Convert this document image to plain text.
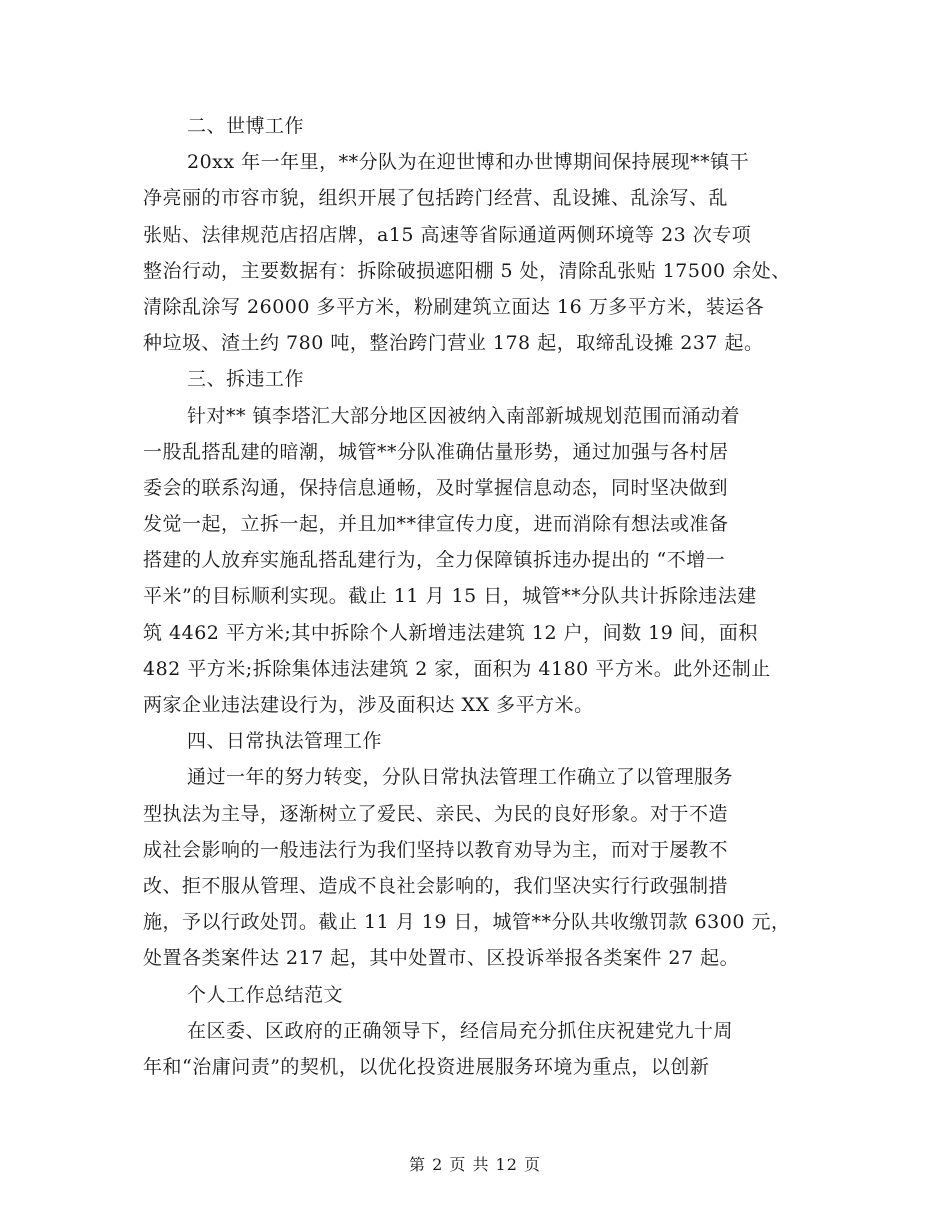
二、世博工作
20xx 年一年里，**分队为在迎世博和办世博期间保持展现**镇干
净亮丽的市容市貌，组织开展了包括跨门经营、乱设摊、乱涂写、乱
张贴、法律规范店招店牌，a15 高速等省际通道两侧环境等 23 次专项
整治行动，主要数据有：拆除破损遮阳棚 5 处，清除乱张贴 17500 余处、
清除乱涂写 26000 多平方米，粉刷建筑立面达 16 万多平方米，装运各
种垃圾、渣土约 780 吨，整治跨门营业 178 起，取缔乱设摊 237 起。
三、拆违工作
针对** 镇李塔汇大部分地区因被纳入南部新城规划范围而涌动着
一股乱搭乱建的暗潮，城管**分队准确估量形势，通过加强与各村居
委会的联系沟通，保持信息通畅，及时掌握信息动态，同时坚决做到
发觉一起，立拆一起，并且加**律宣传力度，进而消除有想法或准备
搭建的人放弃实施乱搭乱建行为，全力保障镇拆违办提出的 “不增一
平米”的目标顺利实现。截止 11 月 15 日，城管**分队共计拆除违法建
筑 4462 平方米;其中拆除个人新增违法建筑 12 户，间数 19 间，面积
482 平方米;拆除集体违法建筑 2 家，面积为 4180 平方米。此外还制止
两家企业违法建设行为，涉及面积达 XX 多平方米。
四、日常执法管理工作
通过一年的努力转变，分队日常执法管理工作确立了以管理服务
型执法为主导，逐渐树立了爱民、亲民、为民的良好形象。对于不造
成社会影响的一般违法行为我们坚持以教育劝导为主，而对于屡教不
改、拒不服从管理、造成不良社会影响的，我们坚决实行行政强制措
施，予以行政处罚。截止 11 月 19 日，城管**分队共收缴罚款 6300 元，
处置各类案件达 217 起，其中处置市、区投诉举报各类案件 27 起。
个人工作总结范文
在区委、区政府的正确领导下，经信局充分抓住庆祝建党九十周
年和“治庸问责”的契机，以优化投资进展服务环境为重点，以创新
第 2 页 共 12 页
